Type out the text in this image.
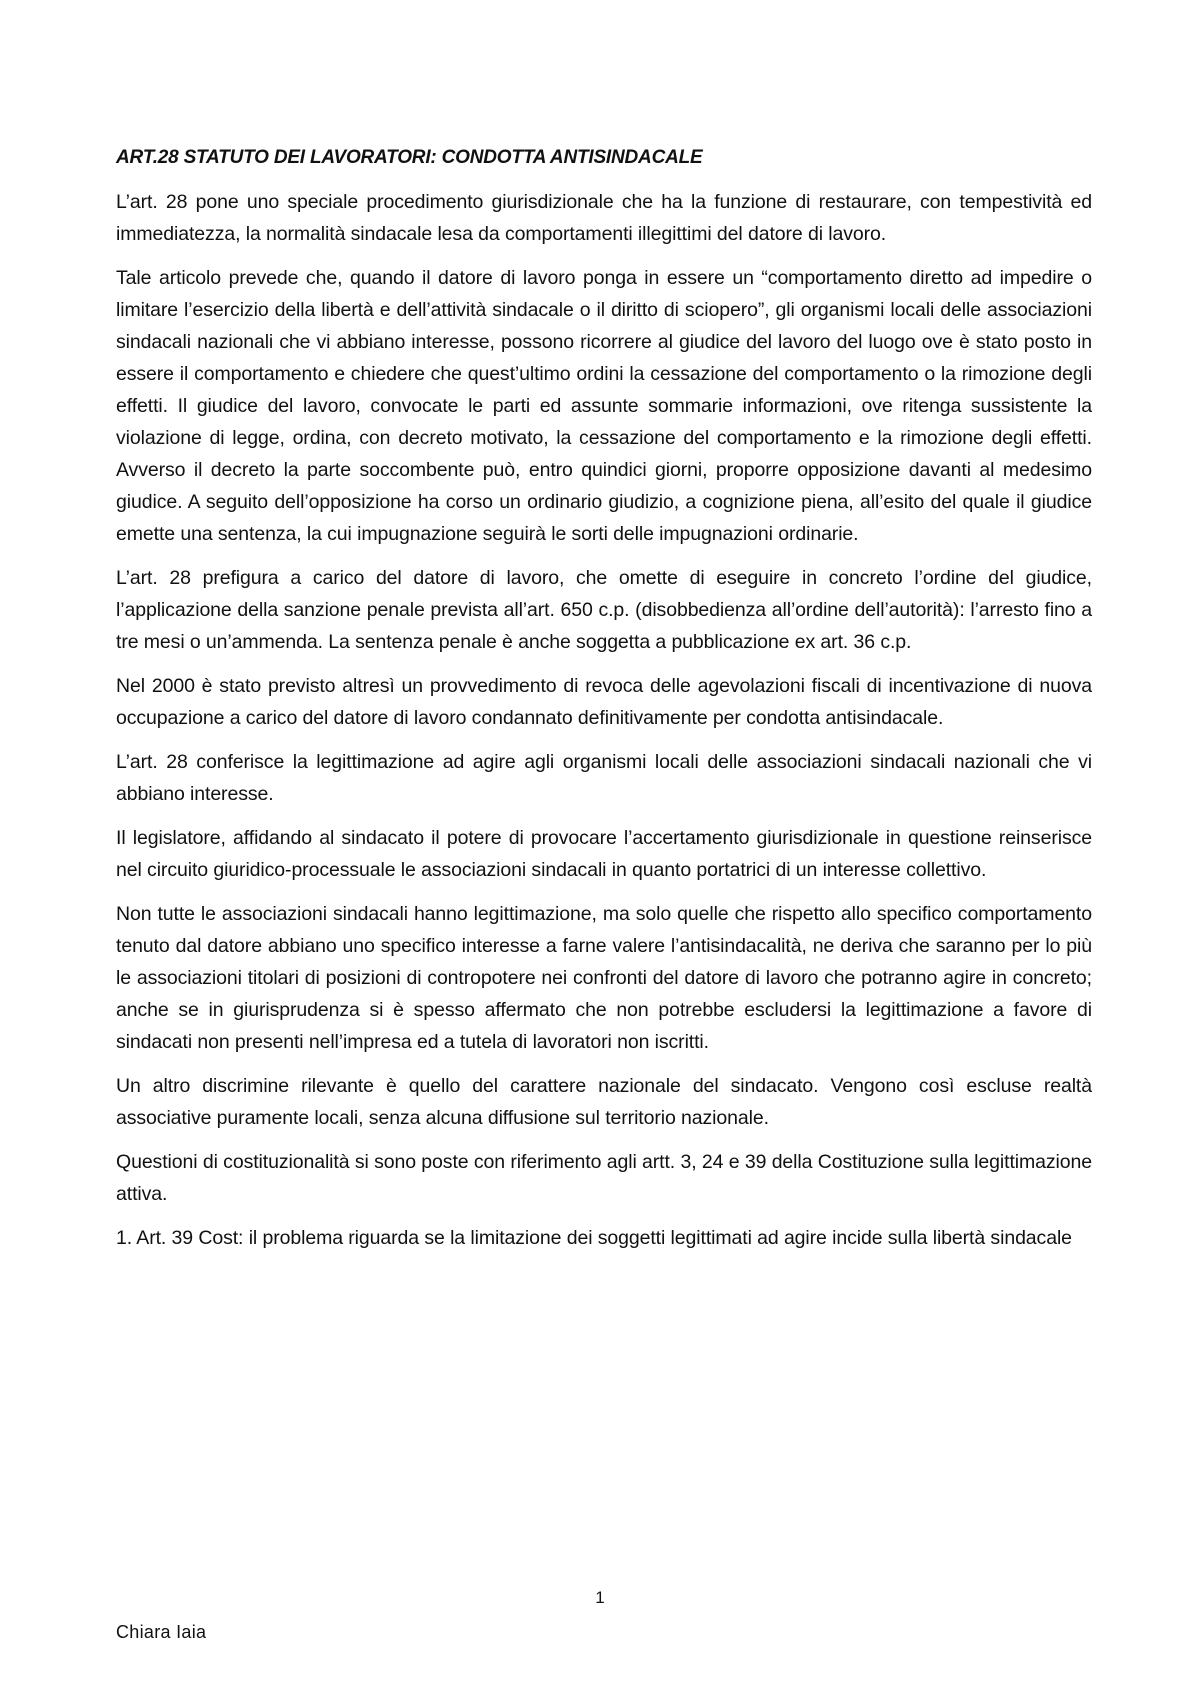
ART.28 STATUTO DEI LAVORATORI: CONDOTTA ANTISINDACALE

L’art. 28 pone uno speciale procedimento giurisdizionale che ha la funzione di restaurare, con tempestività ed immediatezza, la normalità sindacale lesa da comportamenti illegittimi del datore di lavoro.

Tale articolo prevede che, quando il datore di lavoro ponga in essere un “comportamento diretto ad impedire o limitare l’esercizio della libertà e dell’attività sindacale o il diritto di sciopero”, gli organismi locali delle associazioni sindacali nazionali che vi abbiano interesse, possono ricorrere al giudice del lavoro del luogo ove è stato posto in essere il comportamento e chiedere che quest’ultimo ordini la cessazione del comportamento o la rimozione degli effetti. Il giudice del lavoro, convocate le parti ed assunte sommarie informazioni, ove ritenga sussistente la violazione di legge, ordina, con decreto motivato, la cessazione del comportamento e la rimozione degli effetti. Avverso il decreto la parte soccombente può, entro quindici giorni, proporre opposizione davanti al medesimo giudice. A seguito dell’opposizione ha corso un ordinario giudizio, a cognizione piena, all’esito del quale il giudice emette una sentenza, la cui impugnazione seguirà le sorti delle impugnazioni ordinarie.

L’art. 28 prefigura a carico del datore di lavoro, che omette di eseguire in concreto l’ordine del giudice, l’applicazione della sanzione penale prevista all’art. 650 c.p. (disobbedienza all’ordine dell’autorità): l’arresto fino a tre mesi o un’ammenda. La sentenza penale è anche soggetta a pubblicazione ex art. 36 c.p.

Nel 2000 è stato previsto altresì un provvedimento di revoca delle agevolazioni fiscali di incentivazione di nuova occupazione a carico del datore di lavoro condannato definitivamente per condotta antisindacale.

L’art. 28 conferisce la legittimazione ad agire agli organismi locali delle associazioni sindacali nazionali che vi abbiano interesse.

Il legislatore, affidando al sindacato il potere di provocare l’accertamento giurisdizionale in questione reinserisce nel circuito giuridico-processuale le associazioni sindacali in quanto portatrici di un interesse collettivo.

Non tutte le associazioni sindacali hanno legittimazione, ma solo quelle che rispetto allo specifico comportamento tenuto dal datore abbiano uno specifico interesse a farne valere l’antisindacalità, ne deriva che saranno per lo più le associazioni titolari di posizioni di contropotere nei confronti del datore di lavoro che potranno agire in concreto; anche se in giurisprudenza si è spesso affermato che non potrebbe escludersi la legittimazione a favore di sindacati non presenti nell’impresa ed a tutela di lavoratori non iscritti.

Un altro discrimine rilevante è quello del carattere nazionale del sindacato. Vengono così escluse realtà associative puramente locali, senza alcuna diffusione sul territorio nazionale.

Questioni di costituzionalità si sono poste con riferimento agli artt. 3, 24 e 39 della Costituzione sulla legittimazione attiva.

1. Art. 39 Cost: il problema riguarda se la limitazione dei soggetti legittimati ad agire incide sulla libertà sindacale

1
Chiara Iaia
